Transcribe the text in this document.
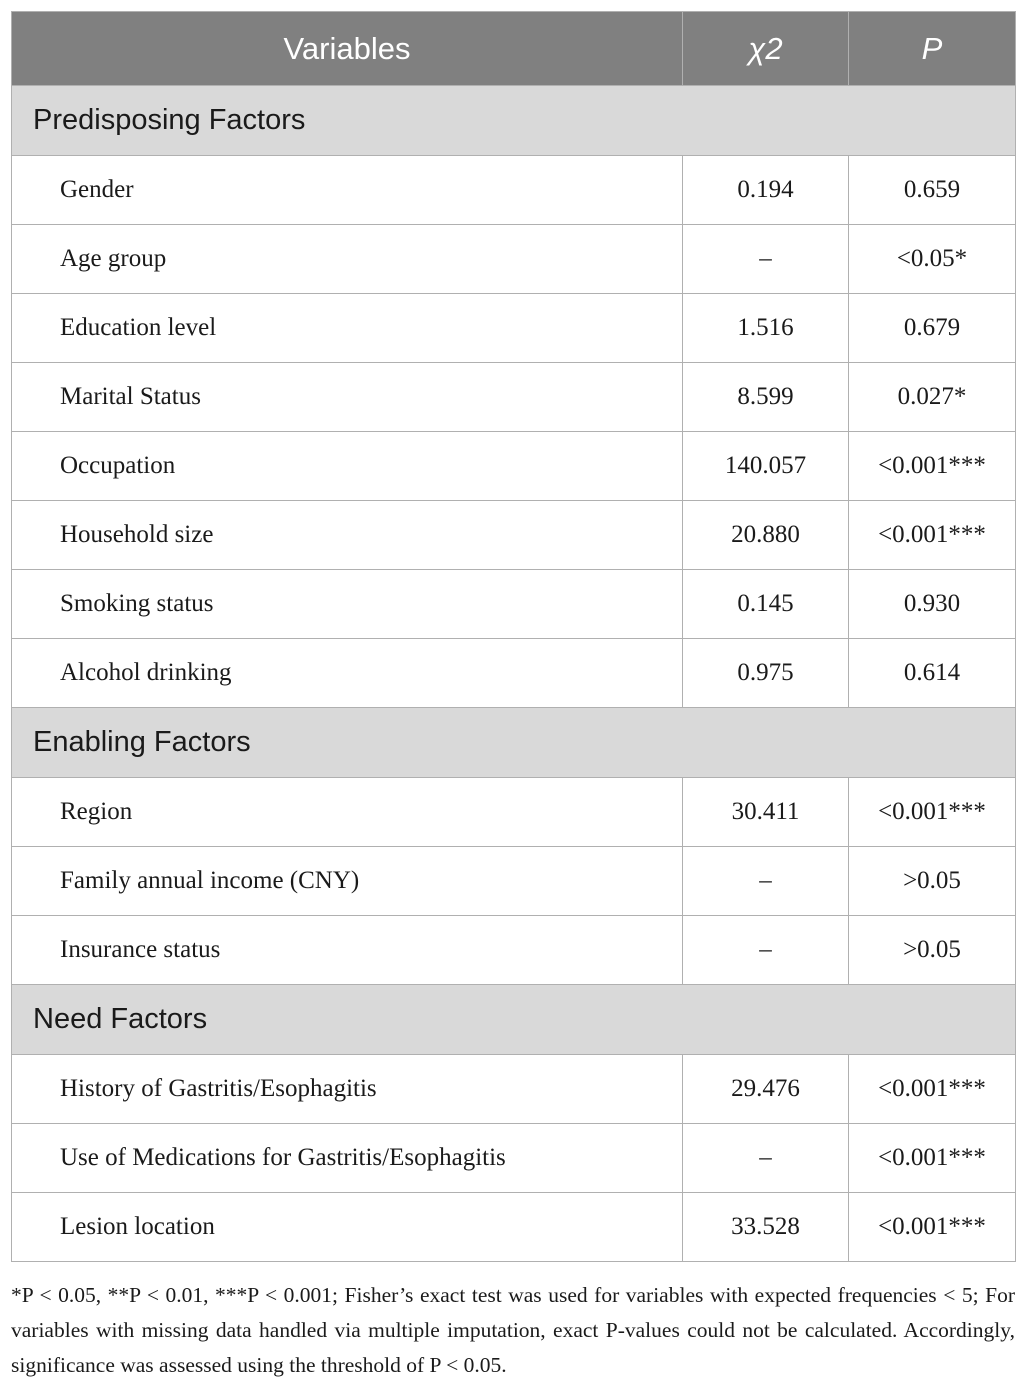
Variables	χ2	P
Predisposing Factors		
Gender	0.194	0.659
Age group	–	<0.05*
Education level	1.516	0.679
Marital Status	8.599	0.027*
Occupation	140.057	<0.001***
Household size	20.880	<0.001***
Smoking status	0.145	0.930
Alcohol drinking	0.975	0.614
Enabling Factors		
Region	30.411	<0.001***
Family annual income (CNY)	–	>0.05
Insurance status	–	>0.05
Need Factors		
History of Gastritis/Esophagitis	29.476	<0.001***
Use of Medications for Gastritis/Esophagitis	–	<0.001***
Lesion location	33.528	<0.001***

*P < 0.05, **P < 0.01, ***P < 0.001; Fisher’s exact test was used for variables with expected frequencies < 5; For variables with missing data handled via multiple imputation, exact P-values could not be calculated. Accordingly, significance was assessed using the threshold of P < 0.05.
